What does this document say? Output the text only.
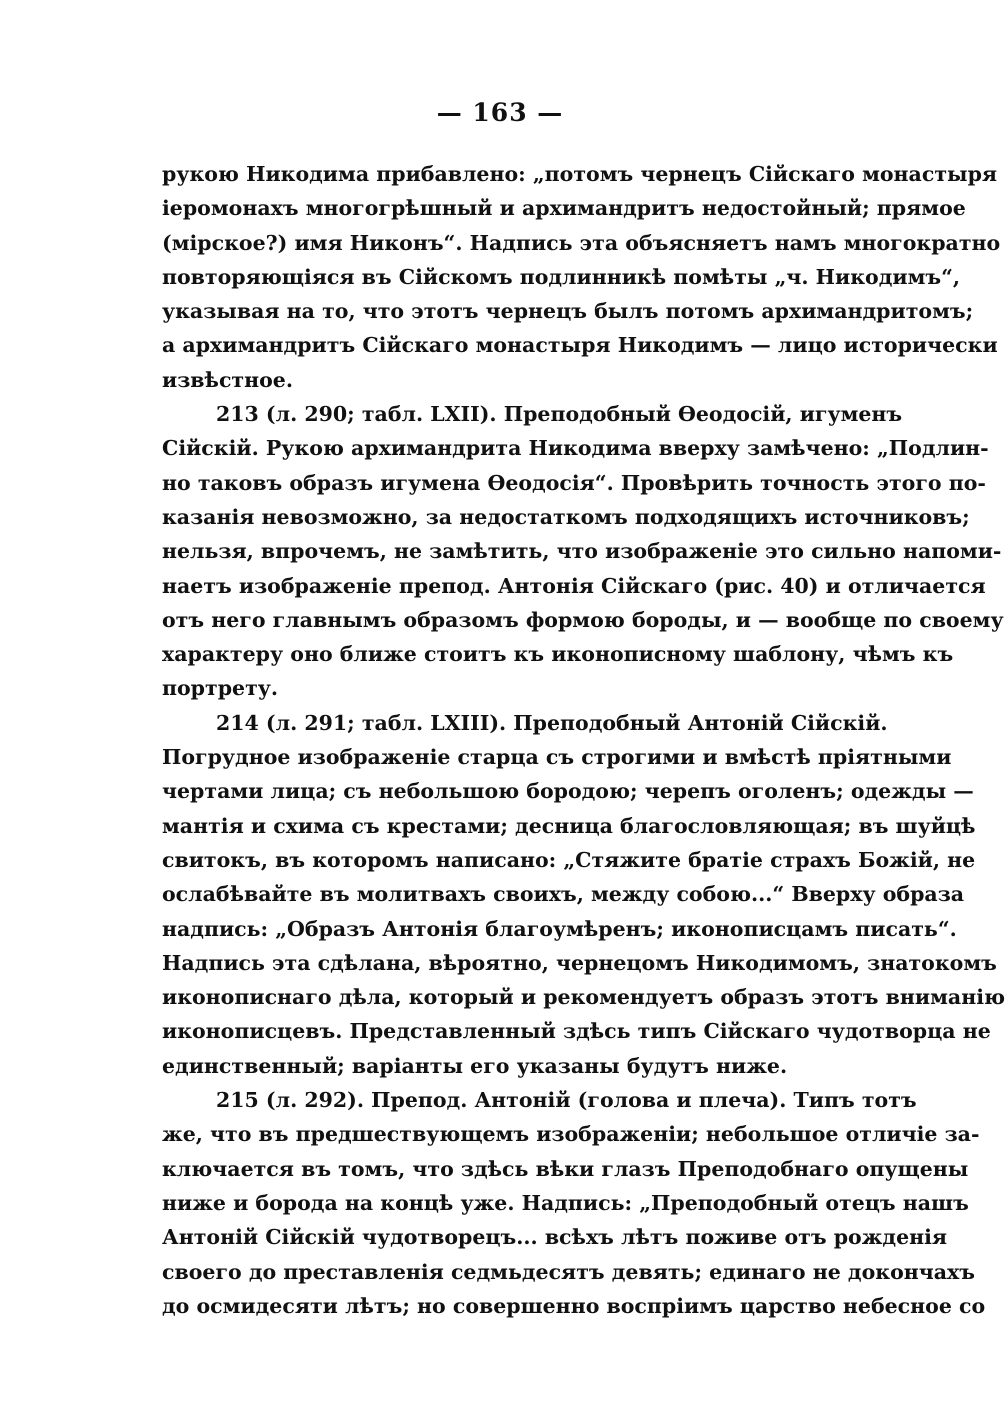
— 163 —
рукою Никодима прибавлено: „потомъ чернецъ Сійскаго монастыря
іеромонахъ многогрѣшный и архимандритъ недостойный; прямое
(мірское?) имя Никонъ“. Надпись эта объясняетъ намъ многократно
повторяющіяся въ Сійскомъ подлинникѣ помѣты „ч. Никодимъ“,
указывая на то, что этотъ чернецъ былъ потомъ архимандритомъ;
а архимандритъ Сійскаго монастыря Никодимъ — лицо исторически
извѣстное.
213 (л. 290; табл. LXII). Преподобный Өеодосій, игуменъ
Сійскій. Рукою архимандрита Никодима вверху замѣчено: „Подлин-
но таковъ образъ игумена Өеодосія“. Провѣрить точность этого по-
казанія невозможно, за недостаткомъ подходящихъ источниковъ;
нельзя, впрочемъ, не замѣтить, что изображеніе это сильно напоми-
наетъ изображеніе препод. Антонія Сійскаго (рис. 40) и отличается
отъ него главнымъ образомъ формою бороды, и — вообще по своему
характеру оно ближе стоитъ къ иконописному шаблону, чѣмъ къ
портрету.
214 (л. 291; табл. LXIII). Преподобный Антоній Сійскій.
Погрудное изображеніе старца съ строгими и вмѣстѣ пріятными
чертами лица; съ небольшою бородою; черепъ оголенъ; одежды —
мантія и схима съ крестами; десница благословляющая; въ шуйцѣ
свитокъ, въ которомъ написано: „Стяжите братіе страхъ Божій, не
ослабѣвайте въ молитвахъ своихъ, между собою...“ Вверху образа
надпись: „Образъ Антонія благоумѣренъ; иконописцамъ писать“.
Надпись эта сдѣлана, вѣроятно, чернецомъ Никодимомъ, знатокомъ
иконописнаго дѣла, который и рекомендуетъ образъ этотъ вниманію
иконописцевъ. Представленный здѣсь типъ Сійскаго чудотворца не
единственный; варіанты его указаны будутъ ниже.
215 (л. 292). Препод. Антоній (голова и плеча). Типъ тотъ
же, что въ предшествующемъ изображеніи; небольшое отличіе за-
ключается въ томъ, что здѣсь вѣки глазъ Преподобнаго опущены
ниже и борода на концѣ уже. Надпись: „Преподобный отецъ нашъ
Антоній Сійскій чудотворецъ... всѣхъ лѣтъ поживе отъ рожденія
своего до преставленія седмьдесятъ девять; единаго не докончахъ
до осмидесяти лѣтъ; но совершенно воспріимъ царство небесное со
